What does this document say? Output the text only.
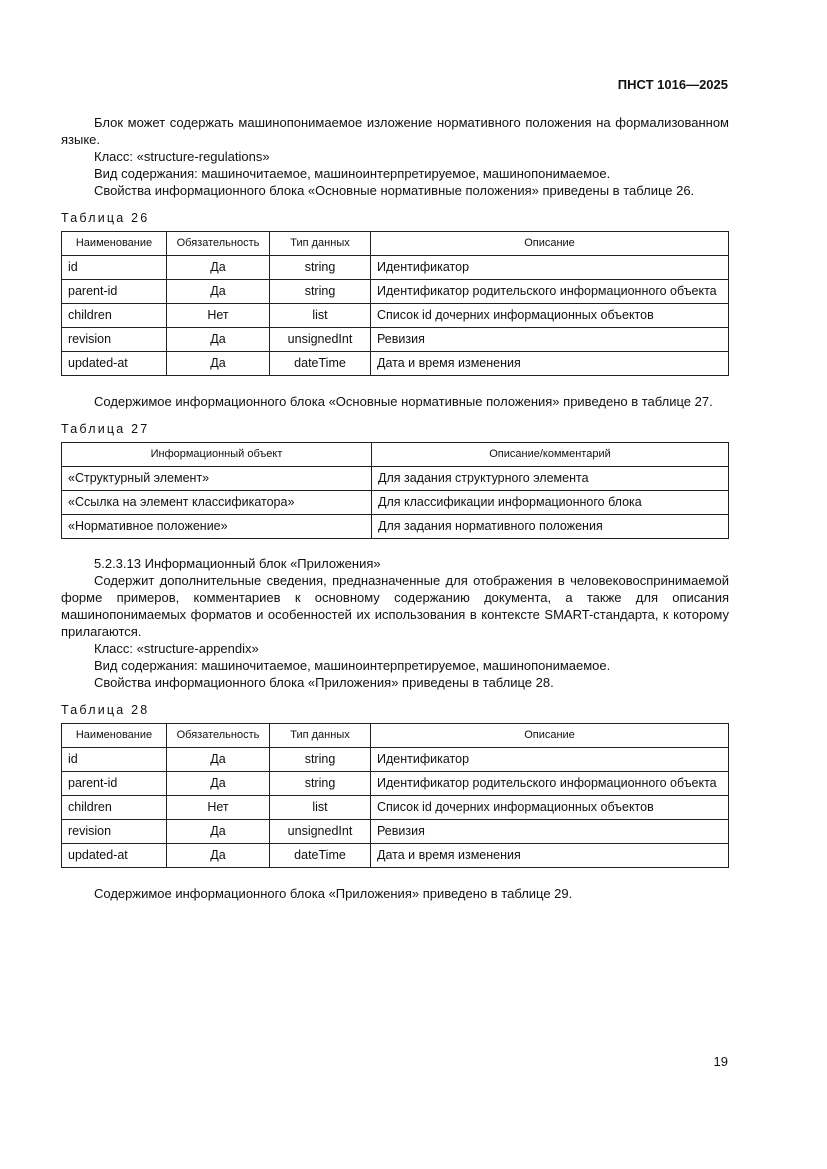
ПНСТ 1016—2025

Блок может содержать машинопонимаемое изложение нормативного положения на формализованном языке.

Класс: «structure-regulations»

Вид содержания: машиночитаемое, машиноинтерпретируемое, машинопонимаемое.

Свойства информационного блока «Основные нормативные положения» приведены в таблице 26.

Таблица 26

Наименование	Обязательность	Тип данных	Описание
id	Да	string	Идентификатор
parent-id	Да	string	Идентификатор родительского информационного объекта
children	Нет	list	Список id дочерних информационных объектов
revision	Да	unsignedInt	Ревизия
updated-at	Да	dateTime	Дата и время изменения

Содержимое информационного блока «Основные нормативные положения» приведено в таблице 27.

Таблица 27

Информационный объект	Описание/комментарий
«Структурный элемент»	Для задания структурного элемента
«Ссылка на элемент классификатора»	Для классификации информационного блока
«Нормативное положение»	Для задания нормативного положения

5.2.3.13 Информационный блок «Приложения»

Содержит дополнительные сведения, предназначенные для отображения в человековоспринимаемой форме примеров, комментариев к основному содержанию документа, а также для описания машинопонимаемых форматов и особенностей их использования в контексте SMART-стандарта, к которому прилагаются.

Класс: «structure-appendix»

Вид содержания: машиночитаемое, машиноинтерпретируемое, машинопонимаемое.

Свойства информационного блока «Приложения» приведены в таблице 28.

Таблица 28

Наименование	Обязательность	Тип данных	Описание
id	Да	string	Идентификатор
parent-id	Да	string	Идентификатор родительского информационного объекта
children	Нет	list	Список id дочерних информационных объектов
revision	Да	unsignedInt	Ревизия
updated-at	Да	dateTime	Дата и время изменения

Содержимое информационного блока «Приложения» приведено в таблице 29.

19
